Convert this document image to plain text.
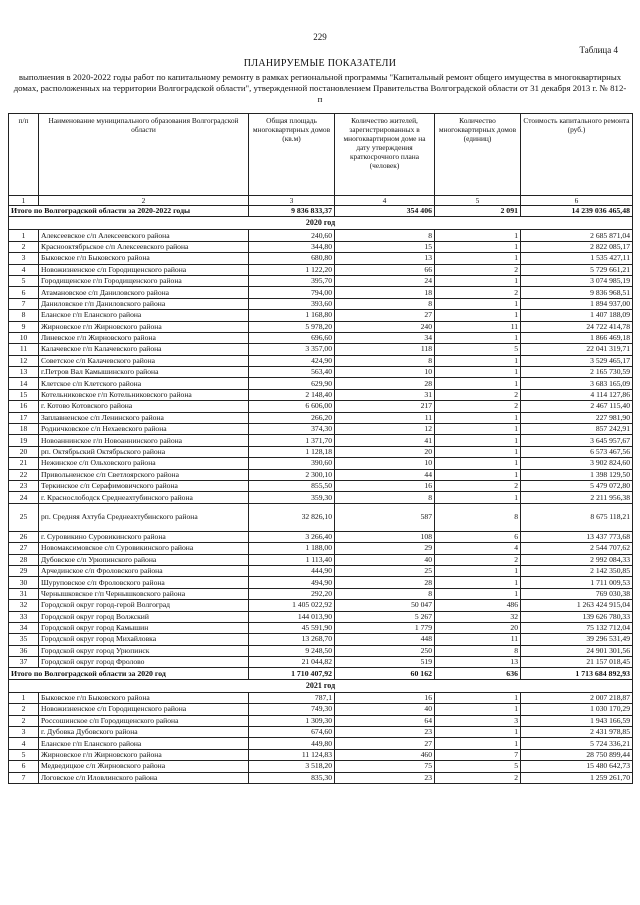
229
Таблица 4
ПЛАНИРУЕМЫЕ ПОКАЗАТЕЛИ
выполнения в 2020-2022 годы работ по капитальному ремонту в рамках региональной программы "Капитальный ремонт общего имущества в многоквартирных домах, расположенных на территории Волгоградской области", утвержденной постановлением Правительства Волгоградской области от 31 декабря 2013 г. № 812-п
п/п	Наименование муниципального образования Волгоградской области	Общая площадь многоквартирных домов (кв.м)	Количество жителей, зарегистрированных в многоквартирном доме на дату утверждения краткосрочного плана (человек)	Количество многоквартирных домов (единиц)	Стоимость капитального ремонта (руб.)
1	2	3	4	5	6
Итого по Волгоградской области за 2020-2022 годы		9 836 833,37	354 406	2 091	14 239 036 465,48
2020 год					
1	Алексеевское с/п Алексеевского района	240,60	8	1	2 685 871,04
2	Краснооктябрьское с/п Алексеевского района	344,80	15	1	2 822 085,17
3	Быковское г/п Быковского района	680,80	13	1	1 535 427,11
4	Новожизненское с/п Городищенского района	1 122,20	66	2	5 729 661,21
5	Городищенское г/п Городищенского района	395,70	24	1	3 074 985,19
6	Атамановское с/п Даниловского района	794,00	18	2	9 836 968,51
7	Даниловское г/п Даниловского района	393,60	8	1	1 894 937,00
8	Еланское г/п Еланского района	1 168,80	27	1	1 407 188,09
9	Жирновское г/п Жирновского района	5 978,20	240	11	24 722 414,78
10	Линевское г/п Жирновского района	696,60	34	1	1 866 469,18
11	Калачевское г/п Калачевского района	3 357,00	118	5	22 041 319,71
12	Советское с/п Калачевского района	424,90	8	1	3 529 465,17
13	г.Петров Вал Камышинского района	563,40	10	1	2 165 730,59
14	Клетское с/п Клетского района	629,90	28	1	3 683 165,09
15	Котельниковское г/п Котельниковского района	2 148,40	31	2	4 114 127,86
16	г. Котово Котовского района	6 606,00	217	2	2 467 115,40
17	Заплавненское с/п Ленинского района	266,20	11	1	227 981,90
18	Родничковское с/п Нехаевского района	374,30	12	1	857 242,91
19	Новоаннинское г/п Новоаннинского района	1 371,70	41	1	3 645 957,67
20	рп. Октябрьский Октябрьского района	1 128,18	20	1	6 573 467,56
21	Нежинское с/п Ольховского района	390,60	10	1	3 902 824,60
22	Привольненское с/п Светлоярского района	2 300,10	44	1	1 398 129,50
23	Теркинское с/п Серафимовичского района	855,50	16	2	5 479 072,80
24	г. Краснослободск Среднеахтубинского района	359,30	8	1	2 211 956,38
25	рп. Средняя Ахтуба Среднеахтубинского района	32 826,10	587	8	8 675 118,21
26	г. Суровикино Суровикинского района	3 266,40	108	6	13 437 773,68
27	Новомаксимовское с/п Суровикинского района	1 188,00	29	4	2 544 707,62
28	Дубовское с/п Урюпинского района	1 113,40	40	2	2 992 084,33
29	Арчединское с/п Фроловского района	444,90	25	1	2 142 350,85
30	Шуруповское с/п Фроловского района	494,90	28	1	1 711 009,53
31	Чернышковское г/п Чернышковского района	292,20	8	1	769 030,38
32	Городской округ город-герой Волгоград	1 405 022,92	50 047	486	1 263 424 915,04
33	Городской округ город Волжский	144 013,90	5 267	32	139 626 780,33
34	Городской округ город Камышин	45 591,90	1 779	20	75 132 712,04
35	Городской округ город Михайловка	13 268,70	448	11	39 296 531,49
36	Городской округ город Урюпинск	9 248,50	250	8	24 901 301,56
37	Городской округ город Фролово	21 044,82	519	13	21 157 018,45
Итого по Волгоградской области за 2020 год		1 710 407,92	60 162	636	1 713 684 892,93
2021 год					
1	Быковское г/п Быковского района	787,1	16	1	2 007 218,87
2	Новожизненское с/п Городищенского района	749,30	40	1	1 030 170,29
2	Россошинское с/п Городищенского района	1 309,30	64	3	1 943 166,59
3	г. Дубовка Дубовского района	674,60	23	1	2 431 978,85
4	Еланское г/п Еланского района	449,80	27	1	5 724 336,21
5	Жирновское г/п Жирновского района	11 124,83	460	7	28 750 899,44
6	Медведицкое с/п Жирновского района	3 518,20	75	5	15 480 642,73
7	Логовское с/п Иловлинского района	835,30	23	2	1 259 261,70
